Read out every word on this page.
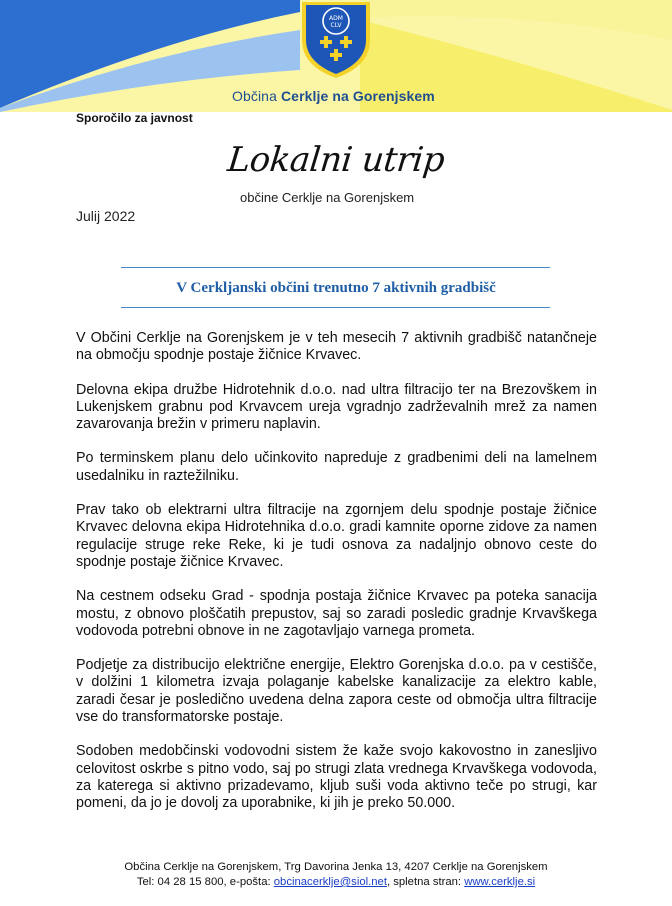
ADM
CLV
Občina Cerklje na Gorenjskem
Sporočilo za javnost
Lokalni utrip
občine Cerklje na Gorenjskem
Julij 2022
V Cerkljanski občini trenutno 7 aktivnih gradbišč

V Občini Cerklje na Gorenjskem je v teh mesecih 7 aktivnih gradbišč natančneje na območju spodnje postaje žičnice Krvavec.

Delovna ekipa družbe Hidrotehnik d.o.o. nad ultra filtracijo ter na Brezovškem in Lukenjskem grabnu pod Krvavcem ureja vgradnjo zadrževalnih mrež za namen zavarovanja brežin v primeru naplavin.

Po terminskem planu delo učinkovito napreduje z gradbenimi deli na lamelnem usedalniku in raztežilniku.

Prav tako ob elektrarni ultra filtracije na zgornjem delu spodnje postaje žičnice Krvavec delovna ekipa Hidrotehnika d.o.o. gradi kamnite oporne zidove za namen regulacije struge reke Reke, ki je tudi osnova za nadaljnjo obnovo ceste do spodnje postaje žičnice Krvavec.

Na cestnem odseku Grad - spodnja postaja žičnice Krvavec pa poteka sanacija mostu, z obnovo ploščatih prepustov, saj so zaradi posledic gradnje Krvavškega vodovoda potrebni obnove in ne zagotavljajo varnega prometa.

Podjetje za distribucijo električne energije, Elektro Gorenjska d.o.o. pa v cestišče, v dolžini 1 kilometra izvaja polaganje kabelske kanalizacije za elektro kable, zaradi česar je posledično uvedena delna zapora ceste od območja ultra filtracije vse do transformatorske postaje.

Sodoben medobčinski vodovodni sistem že kaže svojo kakovostno in zanesljivo celovitost oskrbe s pitno vodo, saj po strugi zlata vrednega Krvavškega vodovoda, za katerega si aktivno prizadevamo, kljub suši voda aktivno teče po strugi, kar pomeni, da jo je dovolj za uporabnike, ki jih je preko 50.000.

Občina Cerklje na Gorenjskem, Trg Davorina Jenka 13, 4207 Cerklje na Gorenjskem
Tel: 04 28 15 800, e-pošta: obcinacerklje@siol.net, spletna stran: www.cerklje.si
